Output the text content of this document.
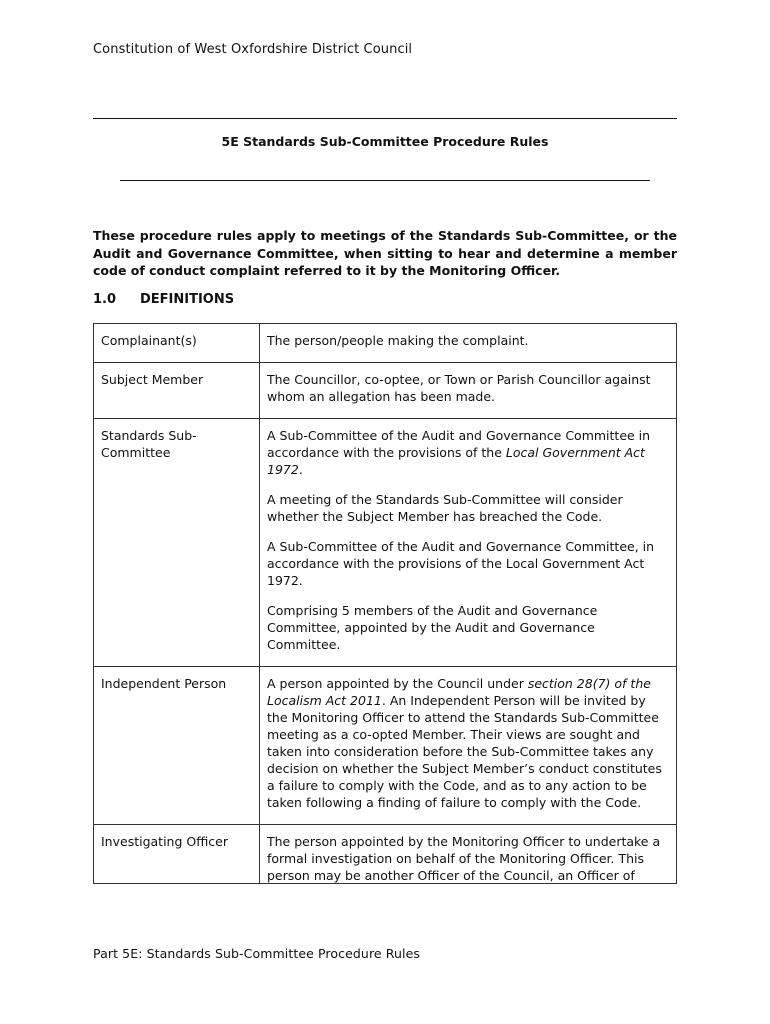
Constitution of West Oxfordshire District Council
5E Standards Sub-Committee Procedure Rules
These procedure rules apply to meetings of the Standards Sub-Committee, or the Audit and Governance Committee, when sitting to hear and determine a member code of conduct complaint referred to it by the Monitoring Officer.
1.0 DEFINITIONS
Complainant(s)	The person/people making the complaint.

Subject Member	The Councillor, co-optee, or Town or Parish Councillor against whom an allegation has been made.

Standards Sub-Committee	A Sub-Committee of the Audit and Governance Committee in accordance with the provisions of the Local Government Act 1972.

A meeting of the Standards Sub-Committee will consider whether the Subject Member has breached the Code.

A Sub-Committee of the Audit and Governance Committee, in accordance with the provisions of the Local Government Act 1972.

Comprising 5 members of the Audit and Governance Committee, appointed by the Audit and Governance Committee.

Independent Person	A person appointed by the Council under section 28(7) of the Localism Act 2011. An Independent Person will be invited by the Monitoring Officer to attend the Standards Sub-Committee meeting as a co-opted Member. Their views are sought and taken into consideration before the Sub-Committee takes any decision on whether the Subject Member’s conduct constitutes a failure to comply with the Code, and as to any action to be taken following a finding of failure to comply with the Code.

Investigating Officer	The person appointed by the Monitoring Officer to undertake a formal investigation on behalf of the Monitoring Officer. This person may be another Officer of the Council, an Officer of

Part 5E: Standards Sub-Committee Procedure Rules
